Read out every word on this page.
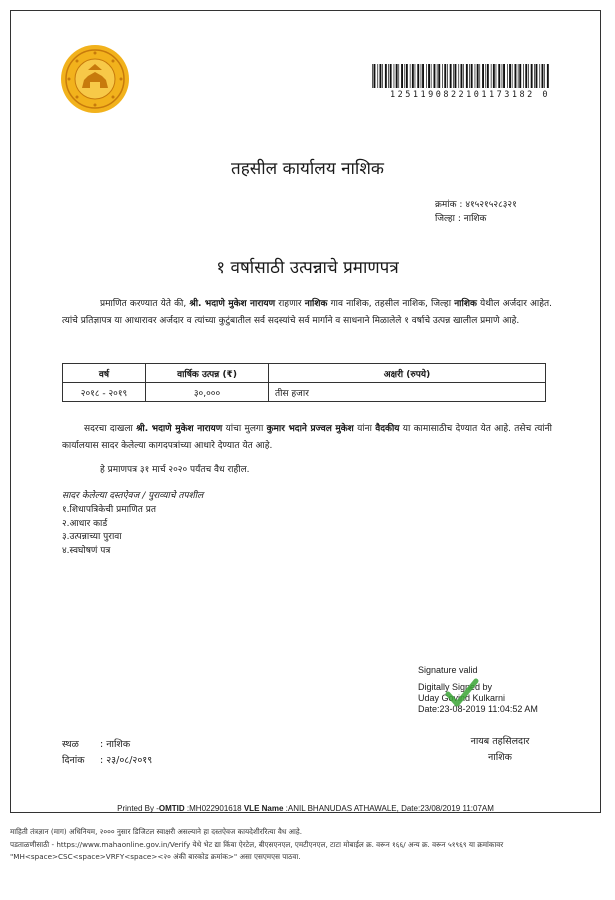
1251190822101173182 0
तहसील कार्यालय नाशिक
क्रमांक : ४१५२१५२८३२१
जिल्हा : नाशिक
१ वर्षासाठी उत्पन्नाचे प्रमाणपत्र
प्रमाणित करण्यात येते की, श्री. भदाणे मुकेश नारायण राहणार नाशिक गाव नाशिक, तहसील नाशिक, जिल्हा नाशिक येथील अर्जदार आहेत. त्यांचे प्रतिज्ञापत्र या आधारावर अर्जदार व त्यांच्या कुटुंबातील सर्व सदस्यांचे सर्व मार्गाने व साधनाने मिळालेले १ वर्षाचे उत्पन्न खालील प्रमाणे आहे.
वर्ष	वार्षिक उत्पन्न (₹)	अक्षरी (रुपये)
२०१८ - २०१९	३०,०००	तीस हजार
सदरचा दाखला श्री. भदाणे मुकेश नारायण यांचा मुलगा कुमार भदाने प्रज्वल मुकेश यांना वैदकीय या कामासाठीच देण्यात येत आहे. तसेच त्यांनी कार्यालयास सादर केलेल्या कागदपत्रांच्या आधारे देण्यात येत आहे.
हे प्रमाणपत्र ३१ मार्च २०२० पर्यंतच वैध राहील.
सादर केलेल्या दस्तऐवज / पुराव्याचे तपशील
१.शिधापत्रिकेची प्रमाणित प्रत
२.आधार कार्ड
३.उत्पन्नाच्या पुरावा
४.स्वघोषणं पत्र
Signature valid
Digitally Signed by
Uday Govind Kulkarni
Date:23-08-2019 11:04:52 AM
स्थळ : नाशिक
दिनांक : २३/०८/२०१९
नायब तहसिलदार
नाशिक
Printed By -OMTID :MH022901618 VLE Name :ANIL BHANUDAS ATHAWALE, Date:23/08/2019 11:07AM
माहिती तंत्रज्ञान (माग) अधिनियम, २००० नुसार डिजिटल स्वाक्षरी असल्याने हा दस्तऐवज कायदेशीररित्या वैध आहे.
पडताळणीसाठी - https://www.mahaonline.gov.in/Verify येथे भेट द्या किंवा ऐरटेल, बीएसएनएल, एमटीएनएल, टाटा मोबाईल क्र. वरून १६६/ अन्य क्र. वरून ५१९६९ या क्रमांकावर
"MH<space>CSC<space>VRFY<space><२० अंकी बारकोड क्रमांक>" असा एसएमएस पाठवा.
